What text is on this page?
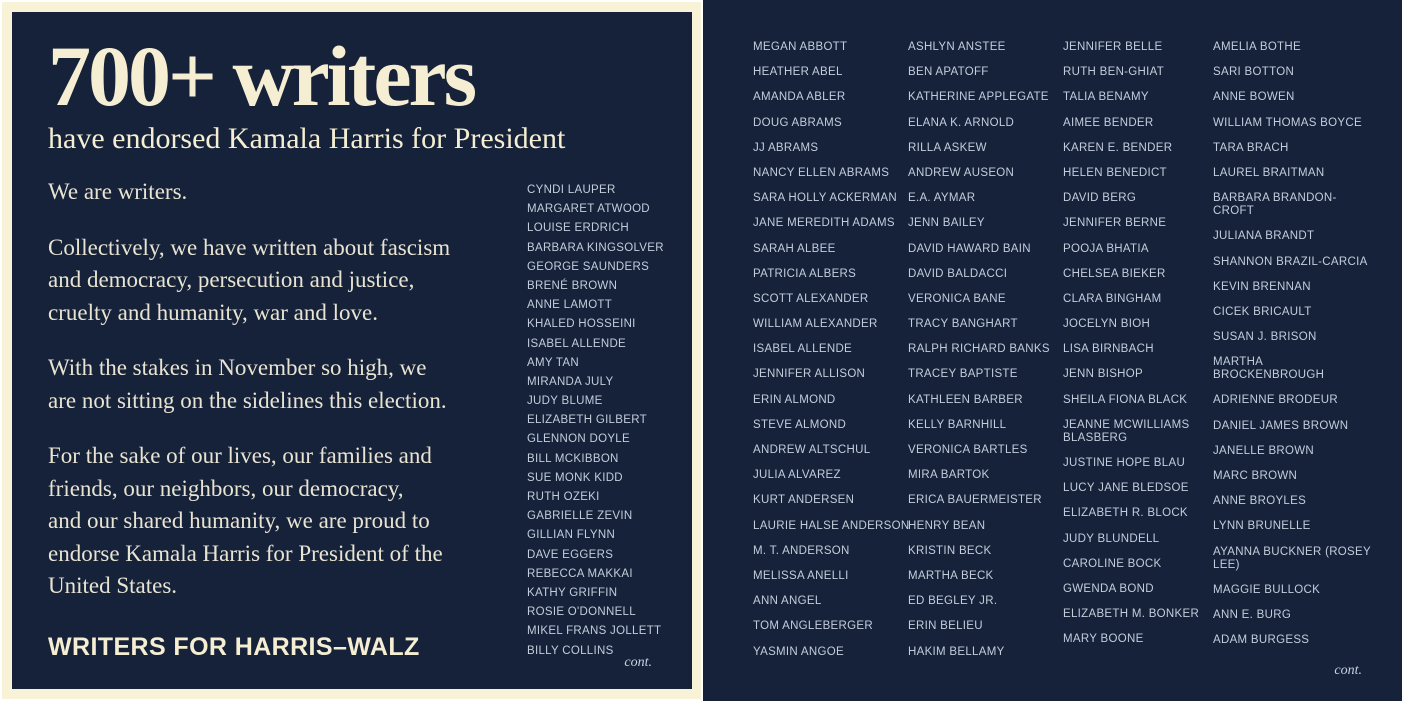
700+ writers
have endorsed Kamala Harris for President

We are writers.

Collectively, we have written about fascism
and democracy, persecution and justice,
cruelty and humanity, war and love.

With the stakes in November so high, we
are not sitting on the sidelines this election.

For the sake of our lives, our families and
friends, our neighbors, our democracy,
and our shared humanity, we are proud to
endorse Kamala Harris for President of the
United States.

WRITERS FOR HARRIS–WALZ
CYNDI LAUPER
MARGARET ATWOOD
LOUISE ERDRICH
BARBARA KINGSOLVER
GEORGE SAUNDERS
BRENÉ BROWN
ANNE LAMOTT
KHALED HOSSEINI
ISABEL ALLENDE
AMY TAN
MIRANDA JULY
JUDY BLUME
ELIZABETH GILBERT
GLENNON DOYLE
BILL MCKIBBON
SUE MONK KIDD
RUTH OZEKI
GABRIELLE ZEVIN
GILLIAN FLYNN
DAVE EGGERS
REBECCA MAKKAI
KATHY GRIFFIN
ROSIE O'DONNELL
MIKEL FRANS JOLLETT
BILLY COLLINS
cont.
MEGAN ABBOTT
HEATHER ABEL
AMANDA ABLER
DOUG ABRAMS
JJ ABRAMS
NANCY ELLEN ABRAMS
SARA HOLLY ACKERMAN
JANE MEREDITH ADAMS
SARAH ALBEE
PATRICIA ALBERS
SCOTT ALEXANDER
WILLIAM ALEXANDER
ISABEL ALLENDE
JENNIFER ALLISON
ERIN ALMOND
STEVE ALMOND
ANDREW ALTSCHUL
JULIA ALVAREZ
KURT ANDERSEN
LAURIE HALSE ANDERSON
M. T. ANDERSON
MELISSA ANELLI
ANN ANGEL
TOM ANGLEBERGER
YASMIN ANGOE
ASHLYN ANSTEE
BEN APATOFF
KATHERINE APPLEGATE
ELANA K. ARNOLD
RILLA ASKEW
ANDREW AUSEON
E.A. AYMAR
JENN BAILEY
DAVID HAWARD BAIN
DAVID BALDACCI
VERONICA BANE
TRACY BANGHART
RALPH RICHARD BANKS
TRACEY BAPTISTE
KATHLEEN BARBER
KELLY BARNHILL
VERONICA BARTLES
MIRA BARTOK
ERICA BAUERMEISTER
HENRY BEAN
KRISTIN BECK
MARTHA BECK
ED BEGLEY JR.
ERIN BELIEU
HAKIM BELLAMY
JENNIFER BELLE
RUTH BEN-GHIAT
TALIA BENAMY
AIMEE BENDER
KAREN E. BENDER
HELEN BENEDICT
DAVID BERG
JENNIFER BERNE
POOJA BHATIA
CHELSEA BIEKER
CLARA BINGHAM
JOCELYN BIOH
LISA BIRNBACH
JENN BISHOP
SHEILA FIONA BLACK
JEANNE MCWILLIAMS
BLASBERG
JUSTINE HOPE BLAU
LUCY JANE BLEDSOE
ELIZABETH R. BLOCK
JUDY BLUNDELL
CAROLINE BOCK
GWENDA BOND
ELIZABETH M. BONKER
MARY BOONE
AMELIA BOTHE
SARI BOTTON
ANNE BOWEN
WILLIAM THOMAS BOYCE
TARA BRACH
LAUREL BRAITMAN
BARBARA BRANDON-
CROFT
JULIANA BRANDT
SHANNON BRAZIL-CARCIA
KEVIN BRENNAN
CICEK BRICAULT
SUSAN J. BRISON
MARTHA
BROCKENBROUGH
ADRIENNE BRODEUR
DANIEL JAMES BROWN
JANELLE BROWN
MARC BROWN
ANNE BROYLES
LYNN BRUNELLE
AYANNA BUCKNER (ROSEY
LEE)
MAGGIE BULLOCK
ANN E. BURG
ADAM BURGESS
cont.
